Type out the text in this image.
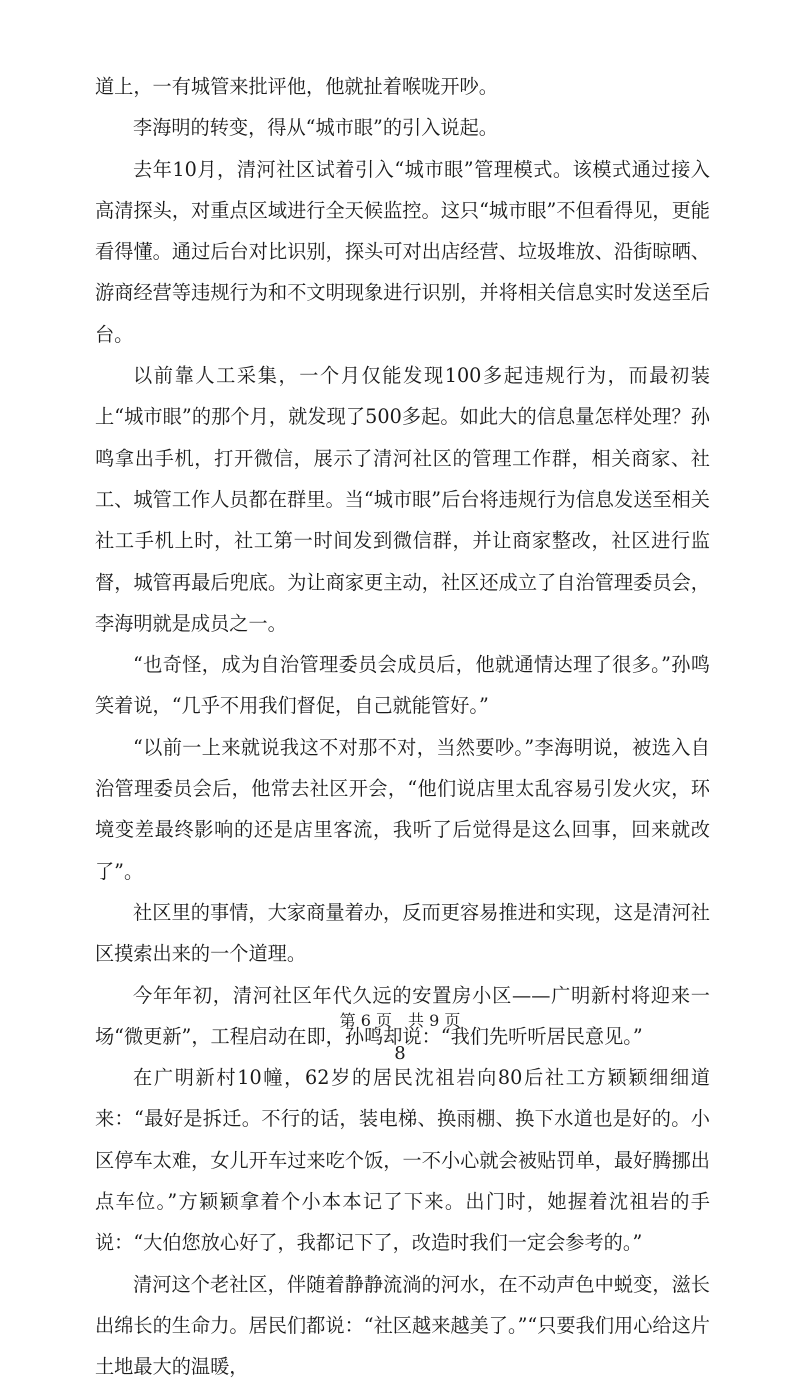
道上，一有城管来批评他，他就扯着喉咙开吵。

李海明的转变，得从“城市眼”的引入说起。

去年10月，清河社区试着引入“城市眼”管理模式。该模式通过接入高清探头，对重点区域进行全天候监控。这只“城市眼”不但看得见，更能看得懂。通过后台对比识别，探头可对出店经营、垃圾堆放、沿街晾晒、游商经营等违规行为和不文明现象进行识别，并将相关信息实时发送至后台。

以前靠人工采集，一个月仅能发现100多起违规行为，而最初装上“城市眼”的那个月，就发现了500多起。如此大的信息量怎样处理？孙鸣拿出手机，打开微信，展示了清河社区的管理工作群，相关商家、社工、城管工作人员都在群里。当“城市眼”后台将违规行为信息发送至相关社工手机上时，社工第一时间发到微信群，并让商家整改，社区进行监督，城管再最后兜底。为让商家更主动，社区还成立了自治管理委员会，李海明就是成员之一。

“也奇怪，成为自治管理委员会成员后，他就通情达理了很多。”孙鸣笑着说，“几乎不用我们督促，自己就能管好。”

“以前一上来就说我这不对那不对，当然要吵。”李海明说，被选入自治管理委员会后，他常去社区开会，“他们说店里太乱容易引发火灾，环境变差最终影响的还是店里客流，我听了后觉得是这么回事，回来就改了”。

社区里的事情，大家商量着办，反而更容易推进和实现，这是清河社区摸索出来的一个道理。

今年年初，清河社区年代久远的安置房小区——广明新村将迎来一场“微更新”，工程启动在即，孙鸣却说：“我们先听听居民意见。”

在广明新村10幢，62岁的居民沈祖岩向80后社工方颖颖细细道来：“最好是拆迁。不行的话，装电梯、换雨棚、换下水道也是好的。小区停车太难，女儿开车过来吃个饭，一不小心就会被贴罚单，最好腾挪出点车位。”方颖颖拿着个小本本记了下来。出门时，她握着沈祖岩的手说：“大伯您放心好了，我都记下了，改造时我们一定会参考的。”

清河这个老社区，伴随着静静流淌的河水，在不动声色中蜕变，滋长出绵长的生命力。居民们都说：“社区越来越美了。”“只要我们用心给这片土地最大的温暖，

第 6 页　共 9 页
8
